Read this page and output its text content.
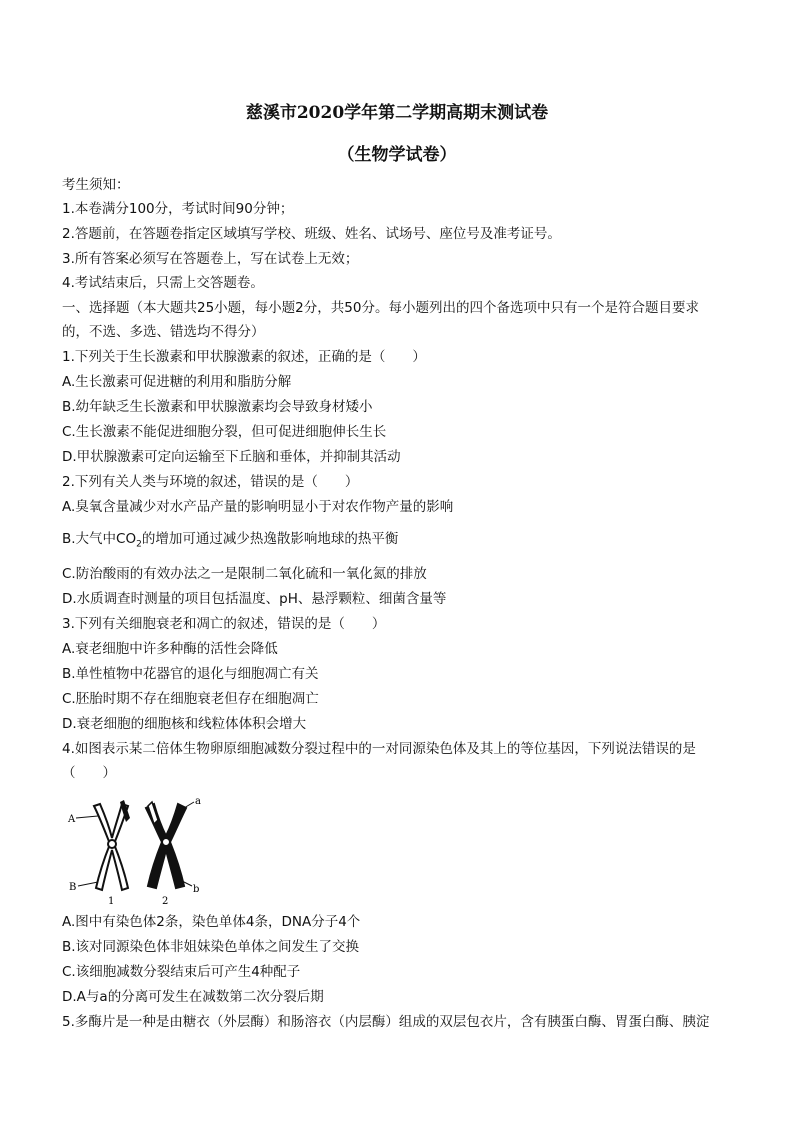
慈溪市2020学年第二学期高期末测试卷
（生物学试卷）
考生须知：
1.本卷满分100分，考试时间90分钟；
2.答题前，在答题卷指定区域填写学校、班级、姓名、试场号、座位号及准考证号。
3.所有答案必须写在答题卷上，写在试卷上无效；
4.考试结束后，只需上交答题卷。
一、选择题（本大题共25小题，每小题2分，共50分。每小题列出的四个备选项中只有一个是符合题目要求
的，不选、多选、错选均不得分）
1.下列关于生长激素和甲状腺激素的叙述，正确的是（　　）
A.生长激素可促进糖的利用和脂肪分解
B.幼年缺乏生长激素和甲状腺激素均会导致身材矮小
C.生长激素不能促进细胞分裂，但可促进细胞伸长生长
D.甲状腺激素可定向运输至下丘脑和垂体，并抑制其活动
2.下列有关人类与环境的叙述，错误的是（　　）
A.臭氧含量减少对水产品产量的影响明显小于对农作物产量的影响
B.大气中$CO_2$的增加可通过减少热逸散影响地球的热平衡
C.防治酸雨的有效办法之一是限制二氧化硫和一氧化氮的排放
D.水质调查时测量的项目包括温度、pH、悬浮颗粒、细菌含量等
3.下列有关细胞衰老和凋亡的叙述，错误的是（　　）
A.衰老细胞中许多种酶的活性会降低
B.单性植物中花器官的退化与细胞凋亡有关
C.胚胎时期不存在细胞衰老但存在细胞凋亡
D.衰老细胞的细胞核和线粒体体积会增大
4.如图表示某二倍体生物卵原细胞减数分裂过程中的一对同源染色体及其上的等位基因，下列说法错误的是
（　　）
A
B
a
b
1	2
A.图中有染色体2条，染色单体4条，DNA分子4个
B.该对同源染色体非姐妹染色单体之间发生了交换
C.该细胞减数分裂结束后可产生4种配子
D.A与a的分离可发生在减数第二次分裂后期
5.多酶片是一种是由糖衣（外层酶）和肠溶衣（内层酶）组成的双层包衣片，含有胰蛋白酶、胃蛋白酶、胰淀
